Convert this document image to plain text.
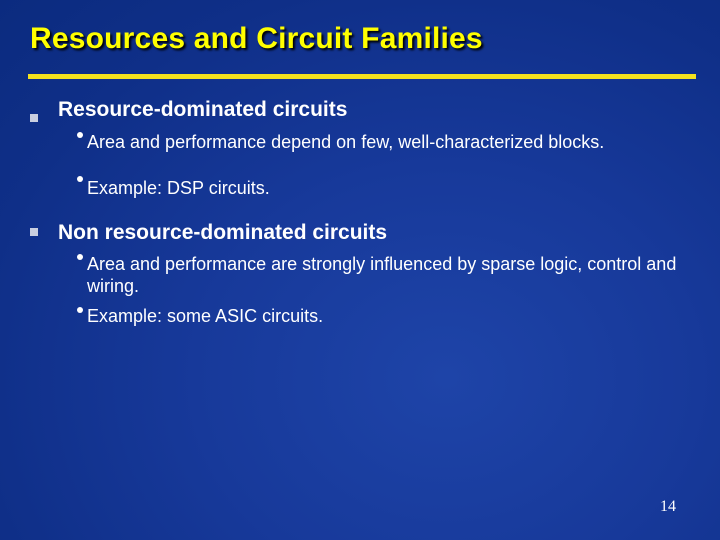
Resources and Circuit Families
Resource-dominated circuits
Area and performance depend on few, well-characterized blocks.
Example: DSP circuits.
Non resource-dominated circuits
Area and performance are strongly influenced by sparse logic, control and wiring.
Example: some ASIC circuits.
14
